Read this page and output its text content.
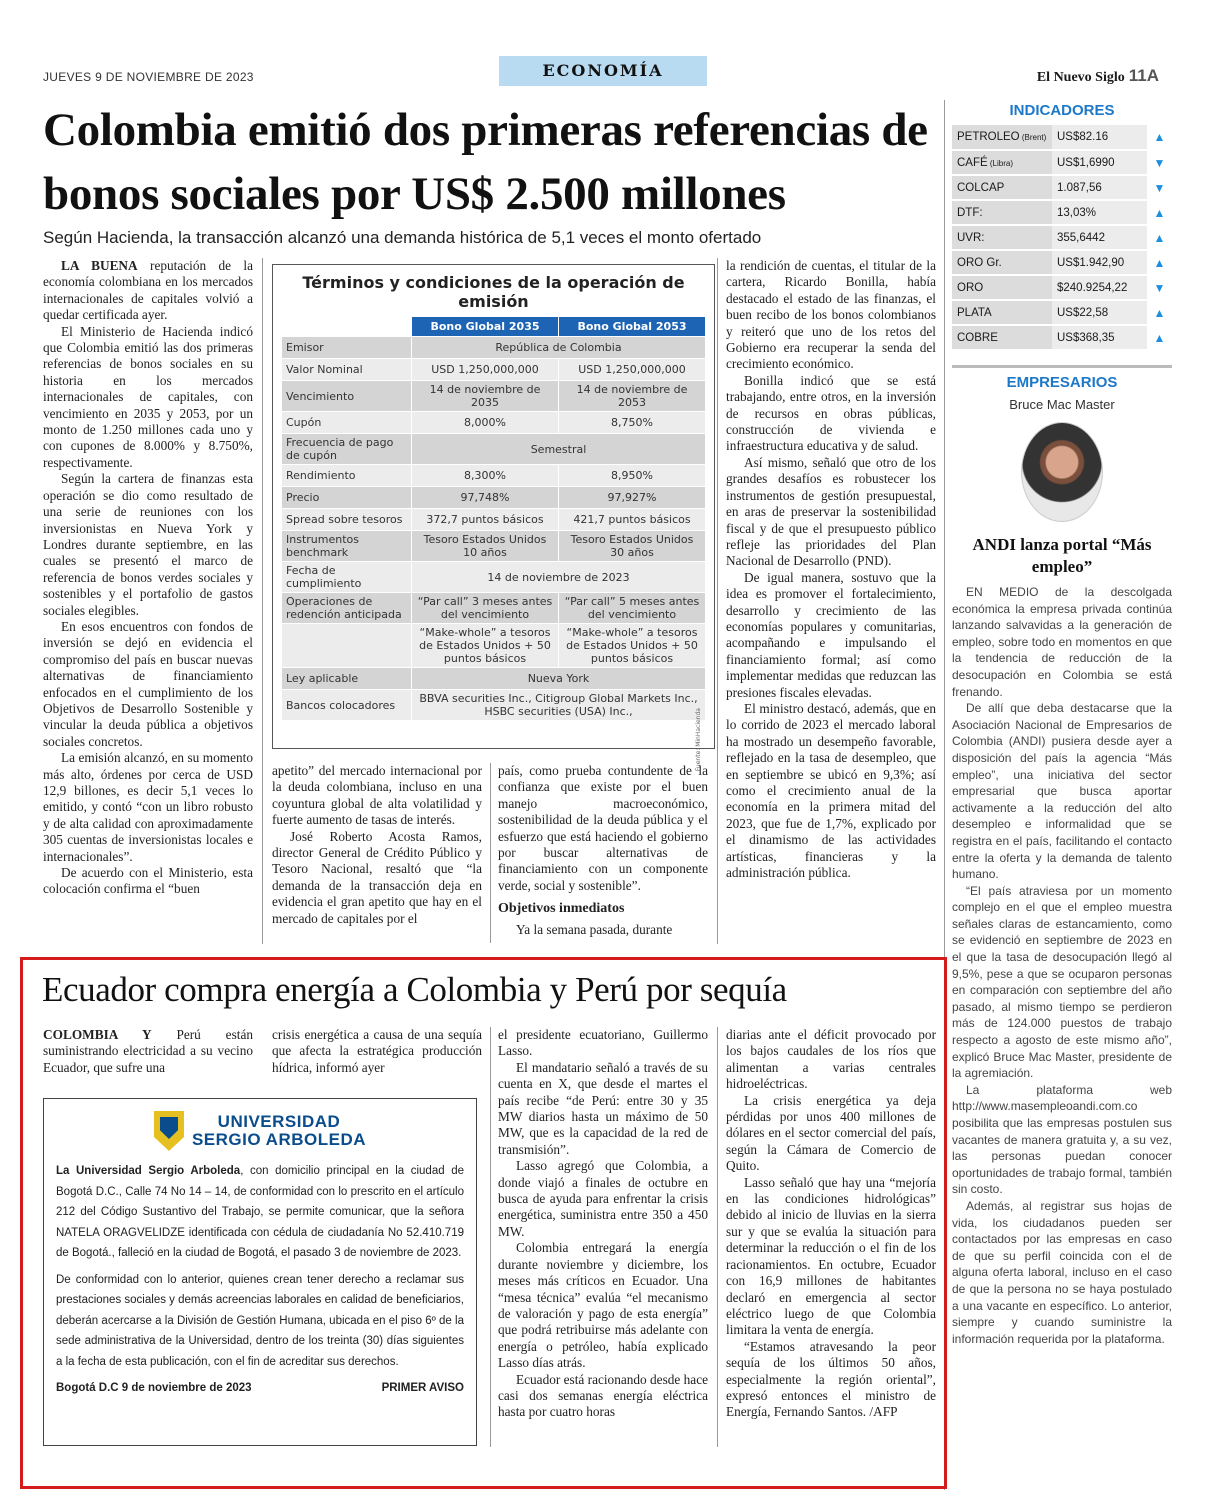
JUEVES 9 DE NOVIEMBRE DE 2023	ECONOMÍA	El Nuevo Siglo 11A
Colombia emitió dos primeras referencias de bonos sociales por US$ 2.500 millones
Según Hacienda, la transacción alcanzó una demanda histórica de 5,1 veces el monto ofertado

LA BUENA reputación de la economía colombiana en los mercados internacionales de capitales volvió a quedar certificada ayer.

El Ministerio de Hacienda indicó que Colombia emitió las dos primeras referencias de bonos sociales en su historia en los mercados internacionales de capitales, con vencimiento en 2035 y 2053, por un monto de 1.250 millones cada uno y con cupones de 8.000% y 8.750%, respectivamente.

Según la cartera de finanzas esta operación se dio como resultado de una serie de reuniones con los inversionistas en Nueva York y Londres durante septiembre, en las cuales se presentó el marco de referencia de bonos verdes sociales y sostenibles y el portafolio de gastos sociales elegibles.

En esos encuentros con fondos de inversión se dejó en evidencia el compromiso del país en buscar nuevas alternativas de financiamiento enfocados en el cumplimiento de los Objetivos de Desarrollo Sostenible y vincular la deuda pública a objetivos sociales concretos.

La emisión alcanzó, en su momento más alto, órdenes por cerca de USD 12,9 billones, es decir 5,1 veces lo emitido, y contó “con un libro robusto y de alta calidad con aproximadamente 305 cuentas de inversionistas locales e internacionales”.

De acuerdo con el Ministerio, esta colocación confirma el “buen

Términos y condiciones de la operación de emisión
	Bono Global 2035	Bono Global 2053
Emisor	República de Colombia	
Valor Nominal	USD 1,250,000,000	USD 1,250,000,000
Vencimiento	14 de noviembre de 2035	14 de noviembre de 2053
Cupón	8,000%	8,750%
Frecuencia de pago de cupón	Semestral	
Rendimiento	8,300%	8,950%
Precio	97,748%	97,927%
Spread sobre tesoros	372,7 puntos básicos	421,7 puntos básicos
Instrumentos benchmark	Tesoro Estados Unidos 10 años	Tesoro Estados Unidos 30 años
Fecha de cumplimiento	14 de noviembre de 2023	
Operaciones de redención anticipada	“Par call” 3 meses antes del vencimiento	“Par call” 5 meses antes del vencimiento
	“Make-whole” a tesoros de Estados Unidos + 50 puntos básicos	“Make-whole” a tesoros de Estados Unidos + 50 puntos básicos
Ley aplicable	Nueva York	
Bancos colocadores	BBVA securities Inc., Citigroup Global Markets Inc., HSBC securities (USA) Inc.,		Fuente: MinHacienda

apetito” del mercado internacional por la deuda colombiana, incluso en una coyuntura global de alta volatilidad y fuerte aumento de tasas de interés.

José Roberto Acosta Ramos, director General de Crédito Público y Tesoro Nacional, resaltó que “la demanda de la transacción deja en evidencia el gran apetito que hay en el mercado de capitales por el

país, como prueba contundente de la confianza que existe por el buen manejo macroeconómico, sostenibilidad de la deuda pública y el esfuerzo que está haciendo el gobierno por buscar alternativas de financiamiento con un componente verde, social y sostenible”.

Objetivos inmediatos

Ya la semana pasada, durante

la rendición de cuentas, el titular de la cartera, Ricardo Bonilla, había destacado el estado de las finanzas, el buen recibo de los bonos colombianos y reiteró que uno de los retos del Gobierno era recuperar la senda del crecimiento económico.

Bonilla indicó que se está trabajando, entre otros, en la inversión de recursos en obras públicas, construcción de vivienda e infraestructura educativa y de salud.

Así mismo, señaló que otro de los grandes desafíos es robustecer los instrumentos de gestión presupuestal, en aras de preservar la sostenibilidad fiscal y de que el presupuesto público refleje las prioridades del Plan Nacional de Desarrollo (PND).

De igual manera, sostuvo que la idea es promover el fortalecimiento, desarrollo y crecimiento de las economías populares y comunitarias, acompañando e impulsando el financiamiento formal; así como implementar medidas que reduzcan las presiones fiscales elevadas.

El ministro destacó, además, que en lo corrido de 2023 el mercado laboral ha mostrado un desempeño favorable, reflejado en la tasa de desempleo, que en septiembre se ubicó en 9,3%; así como el crecimiento anual de la economía en la primera mitad del 2023, que fue de 1,7%, explicado por el dinamismo de las actividades artísticas, financieras y la administración pública.

INDICADORES
PETROLEO (Brent)	US$82.16	▲
CAFÉ (Libra)	US$1,6990	▼
COLCAP	1.087,56	▼
DTF:	13,03%	▲
UVR:	355,6442	▲
ORO Gr.	US$1.942,90	▲
ORO	$240.9254,22	▼
PLATA	US$22,58	▲
COBRE	US$368,35	▲
EMPRESARIOS
Bruce Mac Master
ANDI lanza portal “Más empleo”

EN MEDIO de la descolgada económica la empresa privada continúa lanzando salvavidas a la generación de empleo, sobre todo en momentos en que la tendencia de reducción de la desocupación en Colombia se está frenando.

De allí que deba destacarse que la Asociación Nacional de Empresarios de Colombia (ANDI) pusiera desde ayer a disposición del país la agencia “Más empleo”, una iniciativa del sector empresarial que busca aportar activamente a la reducción del alto desempleo e informalidad que se registra en el país, facilitando el contacto entre la oferta y la demanda de talento humano.

“El país atraviesa por un momento complejo en el que el empleo muestra señales claras de estancamiento, como se evidenció en septiembre de 2023 en el que la tasa de desocupación llegó al 9,5%, pese a que se ocuparon personas en comparación con septiembre del año pasado, al mismo tiempo se perdieron más de 124.000 puestos de trabajo respecto a agosto de este mismo año”, explicó Bruce Mac Master, presidente de la agremiación.

La plataforma web http://www.masempleoandi.com.co posibilita que las empresas postulen sus vacantes de manera gratuita y, a su vez, las personas puedan conocer oportunidades de trabajo formal, también sin costo.

Además, al registrar sus hojas de vida, los ciudadanos pueden ser contactados por las empresas en caso de que su perfil coincida con el de alguna oferta laboral, incluso en el caso de que la persona no se haya postulado a una vacante en específico. Lo anterior, siempre y cuando suministre la información requerida por la plataforma.

Ecuador compra energía a Colombia y Perú por sequía

COLOMBIA Y Perú están suministrando electricidad a su vecino Ecuador, que sufre una

crisis energética a causa de una sequía que afecta la estratégica producción hídrica, informó ayer

el presidente ecuatoriano, Guillermo Lasso.

El mandatario señaló a través de su cuenta en X, que desde el martes el país recibe “de Perú: entre 30 y 35 MW diarios hasta un máximo de 50 MW, que es la capacidad de la red de transmisión”.

Lasso agregó que Colombia, a donde viajó a finales de octubre en busca de ayuda para enfrentar la crisis energética, suministra entre 350 a 450 MW.

Colombia entregará la energía durante noviembre y diciembre, los meses más críticos en Ecuador. Una “mesa técnica” evalúa “el mecanismo de valoración y pago de esta energía” que podrá retribuirse más adelante con energía o petróleo, había explicado Lasso días atrás.

Ecuador está racionando desde hace casi dos semanas energía eléctrica hasta por cuatro horas

diarias ante el déficit provocado por los bajos caudales de los ríos que alimentan a varias centrales hidroeléctricas.

La crisis energética ya deja pérdidas por unos 400 millones de dólares en el sector comercial del país, según la Cámara de Comercio de Quito.

Lasso señaló que hay una “mejoría en las condiciones hidrológicas” debido al inicio de lluvias en la sierra sur y que se evalúa la situación para determinar la reducción o el fin de los racionamientos. En octubre, Ecuador con 16,9 millones de habitantes declaró en emergencia al sector eléctrico luego de que Colombia limitara la venta de energía.

“Estamos atravesando la peor sequía de los últimos 50 años, especialmente la región oriental”, expresó entonces el ministro de Energía, Fernando Santos. /AFP

UNIVERSIDAD
SERGIO ARBOLEDA

La Universidad Sergio Arboleda, con domicilio principal en la ciudad de Bogotá D.C., Calle 74 No 14 – 14, de conformidad con lo prescrito en el artículo 212 del Código Sustantivo del Trabajo, se permite comunicar, que la señora NATELA ORAGVELIDZE identificada con cédula de ciudadanía No 52.410.719 de Bogotá., falleció en la ciudad de Bogotá, el pasado 3 de noviembre de 2023.

De conformidad con lo anterior, quienes crean tener derecho a reclamar sus prestaciones sociales y demás acreencias laborales en calidad de beneficiarios, deberán acercarse a la División de Gestión Humana, ubicada en el piso 6º de la sede administrativa de la Universidad, dentro de los treinta (30) días siguientes a la fecha de esta publicación, con el fin de acreditar sus derechos.

Bogotá D.C 9 de noviembre de 2023	PRIMER AVISO
